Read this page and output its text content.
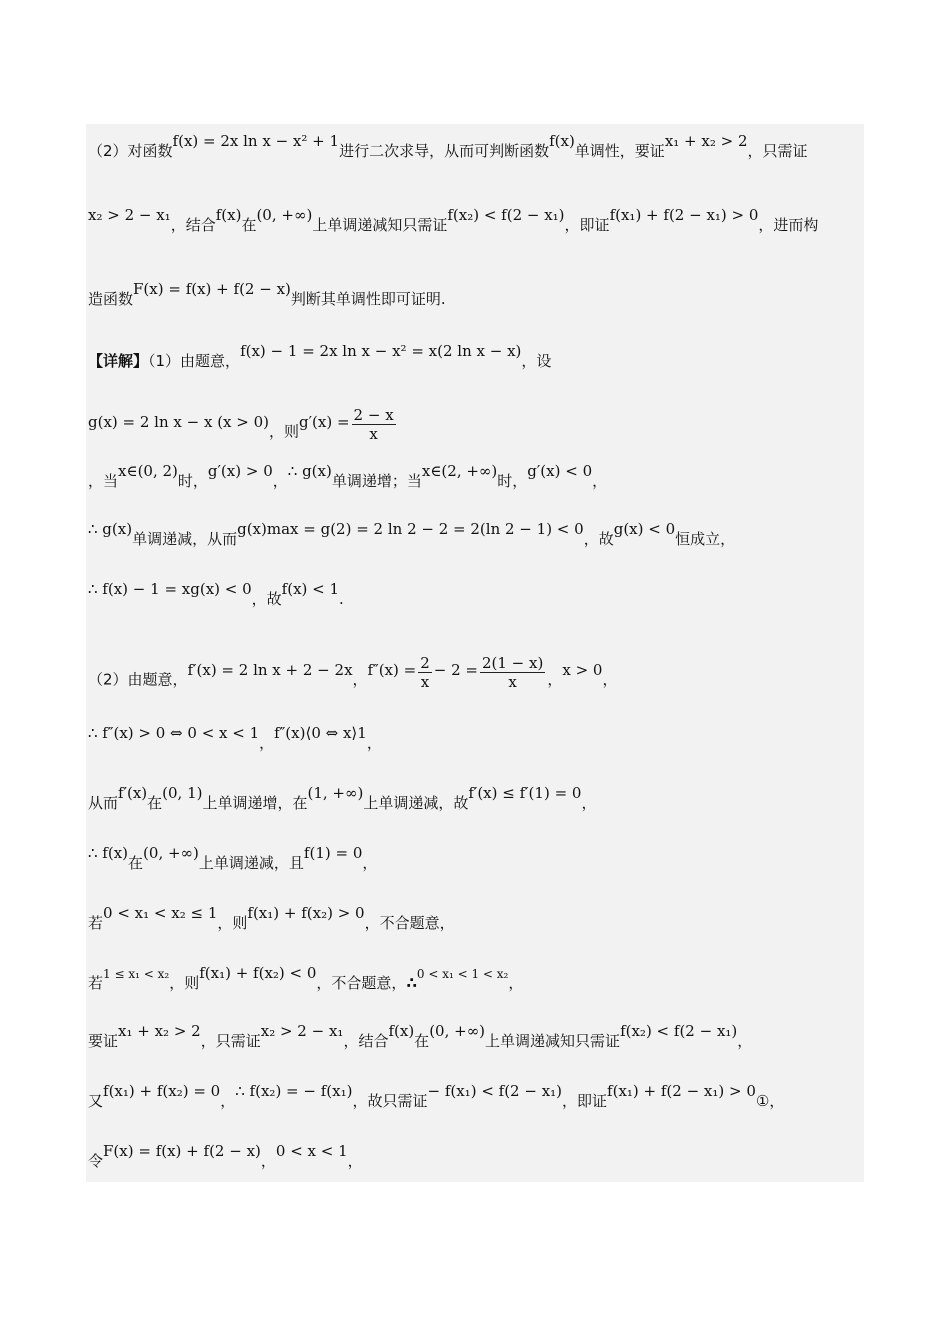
（2）对函数f(x) = 2x ln x − x² + 1进行二次求导，从而可判断函数f(x)单调性，要证x₁ + x₂ > 2，只需证
x₂ > 2 − x₁，结合f(x)在(0, +∞)上单调递减知只需证f(x₂) < f(2 − x₁)，即证f(x₁) + f(2 − x₁) > 0，进而构
造函数F(x) = f(x) + f(2 − x)判断其单调性即可证明.
【详解】（1）由题意，f(x) − 1 = 2x ln x − x² = x(2 ln x − x)，设
g(x) = 2 ln x − x (x > 0)，则$g'(x) = \frac{2 - x}{x}$
，当x∈(0, 2)时，g′(x) > 0，∴ g(x)单调递增；当x∈(2, +∞)时，g′(x) < 0，
∴ g(x)单调递减，从而g(x)max = g(2) = 2 ln 2 − 2 = 2(ln 2 − 1) < 0，故g(x) < 0恒成立，
∴ f(x) − 1 = xg(x) < 0，故f(x) < 1.
（2）由题意，f′(x) = 2 ln x + 2 − 2x，$f''(x) = \frac{2}{x} - 2 = \frac{2(1 - x)}{x}$ ，x > 0，
∴ f″(x) > 0 ⇔ 0 < x < 1，f″(x)⟨0 ⇔ x⟩1，
从而f′(x)在(0, 1)上单调递增，在(1, +∞)上单调递减，故f′(x) ≤ f′(1) = 0，
∴ f(x)在(0, +∞)上单调递减，且f(1) = 0，
若0 < x₁ < x₂ ≤ 1，则f(x₁) + f(x₂) > 0，不合题意，
若1 ≤ x₁ < x₂，则f(x₁) + f(x₂) < 0，不合题意，∴0 < x₁ < 1 < x₂，
要证x₁ + x₂ > 2，只需证x₂ > 2 − x₁，结合f(x)在(0, +∞)上单调递减知只需证f(x₂) < f(2 − x₁)，
又f(x₁) + f(x₂) = 0，∴ f(x₂) = − f(x₁)，故只需证− f(x₁) < f(2 − x₁)，即证f(x₁) + f(2 − x₁) > 0①，
令F(x) = f(x) + f(2 − x)，0 < x < 1，
